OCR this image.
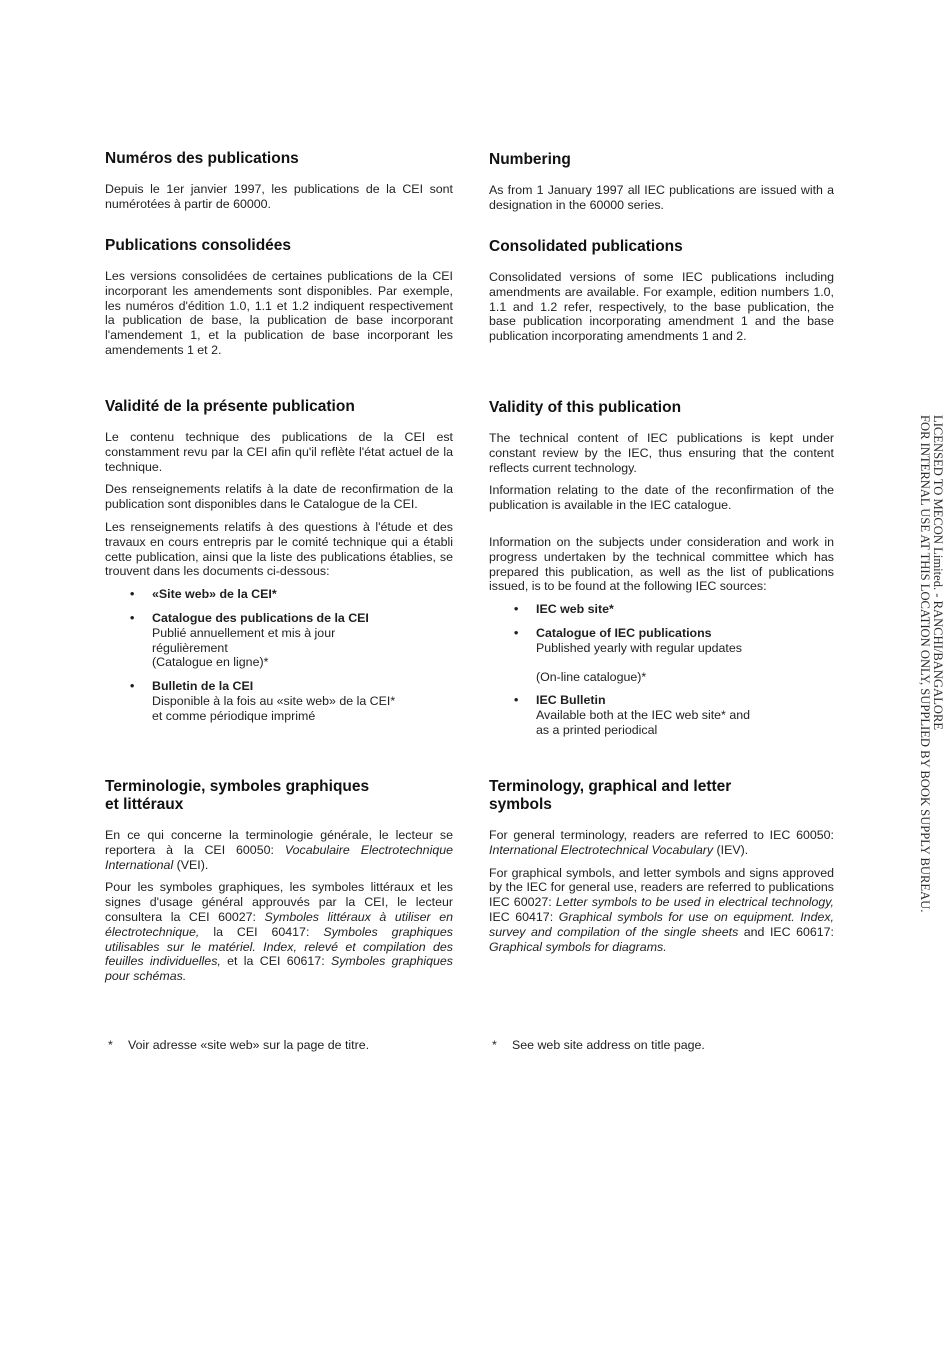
Numéros des publications

Depuis le 1er janvier 1997, les publications de la CEI sont numérotées à partir de 60000.

Publications consolidées

Les versions consolidées de certaines publications de la CEI incorporant les amendements sont disponibles. Par exemple, les numéros d'édition 1.0, 1.1 et 1.2 indiquent respectivement la publication de base, la publication de base incorporant l'amendement 1, et la publication de base incorporant les amendements 1 et 2.

Validité de la présente publication

Le contenu technique des publications de la CEI est constamment revu par la CEI afin qu'il reflète l'état actuel de la technique.

Des renseignements relatifs à la date de reconfirmation de la publication sont disponibles dans le Catalogue de la CEI.

Les renseignements relatifs à des questions à l'étude et des travaux en cours entrepris par le comité technique qui a établi cette publication, ainsi que la liste des publications établies, se trouvent dans les documents ci-dessous:

• «Site web» de la CEI*
• Catalogue des publications de la CEI
Publié annuellement et mis à jour
régulièrement
(Catalogue en ligne)*
• Bulletin de la CEI
Disponible à la fois au «site web» de la CEI*
et comme périodique imprimé
Terminologie, symboles graphiques
et littéraux

En ce qui concerne la terminologie générale, le lecteur se reportera à la CEI 60050: Vocabulaire Electrotechnique International (VEI).

Pour les symboles graphiques, les symboles littéraux et les signes d'usage général approuvés par la CEI, le lecteur consultera la CEI 60027: Symboles littéraux à utiliser en électrotechnique, la CEI 60417: Symboles graphiques utilisables sur le matériel. Index, relevé et compilation des feuilles individuelles, et la CEI 60617: Symboles graphiques pour schémas.

Numbering

As from 1 January 1997 all IEC publications are issued with a designation in the 60000 series.

Consolidated publications

Consolidated versions of some IEC publications including amendments are available. For example, edition numbers 1.0, 1.1 and 1.2 refer, respectively, to the base publication, the base publication incorporating amendment 1 and the base publication incorporating amendments 1 and 2.

Validity of this publication

The technical content of IEC publications is kept under constant review by the IEC, thus ensuring that the content reflects current technology.

Information relating to the date of the reconfirmation of the publication is available in the IEC catalogue.

Information on the subjects under consideration and work in progress undertaken by the technical committee which has prepared this publication, as well as the list of publications issued, is to be found at the following IEC sources:

• IEC web site*
• Catalogue of IEC publications
Published yearly with regular updates
(On-line catalogue)*
• IEC Bulletin
Available both at the IEC web site* and
as a printed periodical
Terminology, graphical and letter
symbols

For general terminology, readers are referred to IEC 60050: International Electrotechnical Vocabulary (IEV).

For graphical symbols, and letter symbols and signs approved by the IEC for general use, readers are referred to publications IEC 60027: Letter symbols to be used in electrical technology, IEC 60417: Graphical symbols for use on equipment. Index, survey and compilation of the single sheets and IEC 60617: Graphical symbols for diagrams.

* Voir adresse «site web» sur la page de titre.	* See web site address on title page.
LICENSED TO MECON Limited. - RANCHI/BANGALORE
FOR INTERNAL USE AT THIS LOCATION ONLY, SUPPLIED BY BOOK SUPPLY BUREAU.
